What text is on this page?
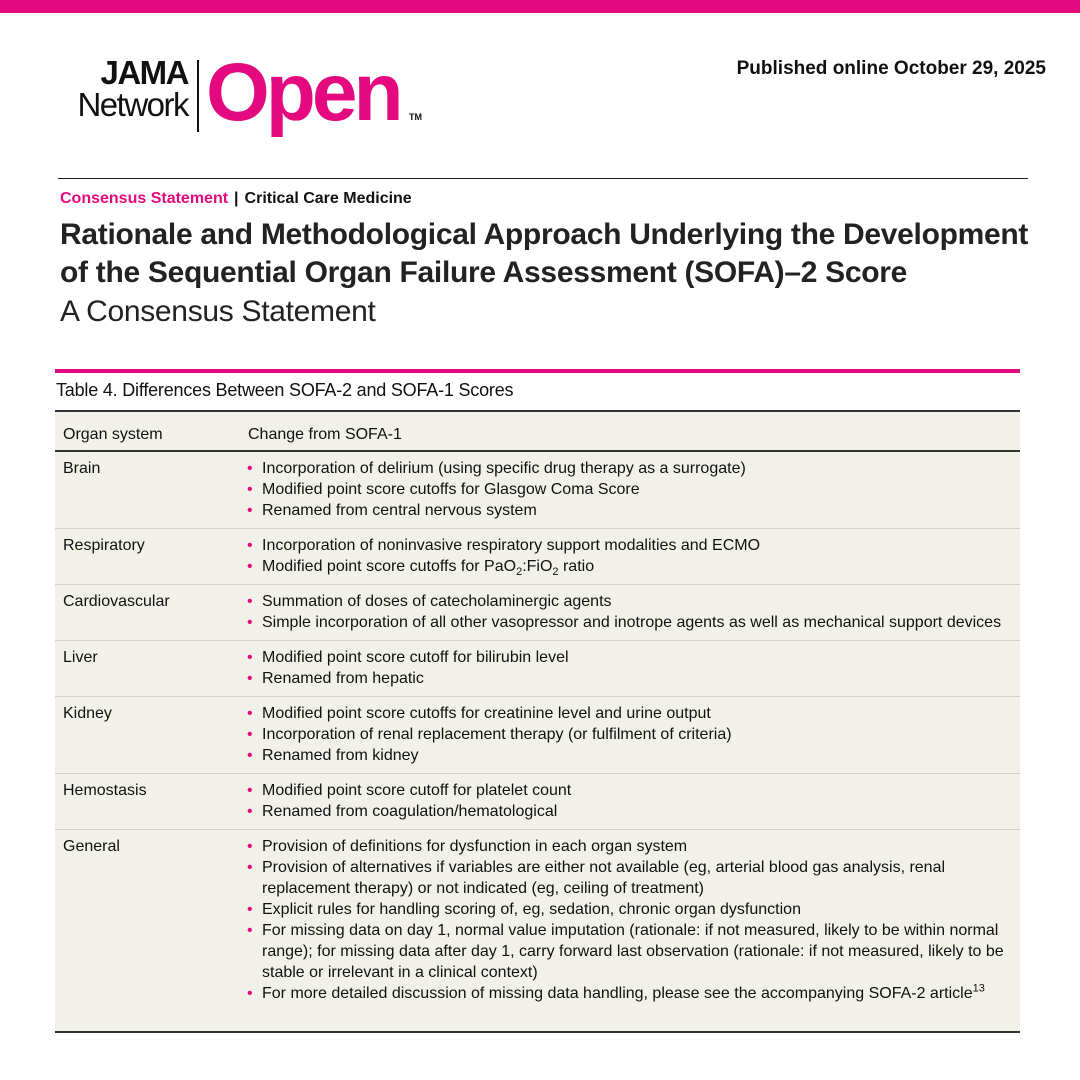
JAMA
Network Open TM
Published online October 29, 2025
Consensus Statement | Critical Care Medicine
Rationale and Methodological Approach Underlying the Development of the Sequential Organ Failure Assessment (SOFA)–2 Score
A Consensus Statement
Table 4. Differences Between SOFA-2 and SOFA-1 Scores
Organ system	Change from SOFA-1
Brain	• Incorporation of delirium (using specific drug therapy as a surrogate)
• Modified point score cutoffs for Glasgow Coma Score
• Renamed from central nervous system
Respiratory	• Incorporation of noninvasive respiratory support modalities and ECMO
• Modified point score cutoffs for PaO$_2$:FiO$_2$ ratio
Cardiovascular	• Summation of doses of catecholaminergic agents
• Simple incorporation of all other vasopressor and inotrope agents as well as mechanical support devices
Liver	• Modified point score cutoff for bilirubin level
• Renamed from hepatic
Kidney	• Modified point score cutoffs for creatinine level and urine output
• Incorporation of renal replacement therapy (or fulfilment of criteria)
• Renamed from kidney
Hemostasis	• Modified point score cutoff for platelet count
• Renamed from coagulation/hematological
General	• Provision of definitions for dysfunction in each organ system
• Provision of alternatives if variables are either not available (eg, arterial blood gas analysis, renal replacement therapy) or not indicated (eg, ceiling of treatment)
• Explicit rules for handling scoring of, eg, sedation, chronic organ dysfunction
• For missing data on day 1, normal value imputation (rationale: if not measured, likely to be within normal range); for missing data after day 1, carry forward last observation (rationale: if not measured, likely to be stable or irrelevant in a clinical context)
• For more detailed discussion of missing data handling, please see the accompanying SOFA-2 article$^{13}$
